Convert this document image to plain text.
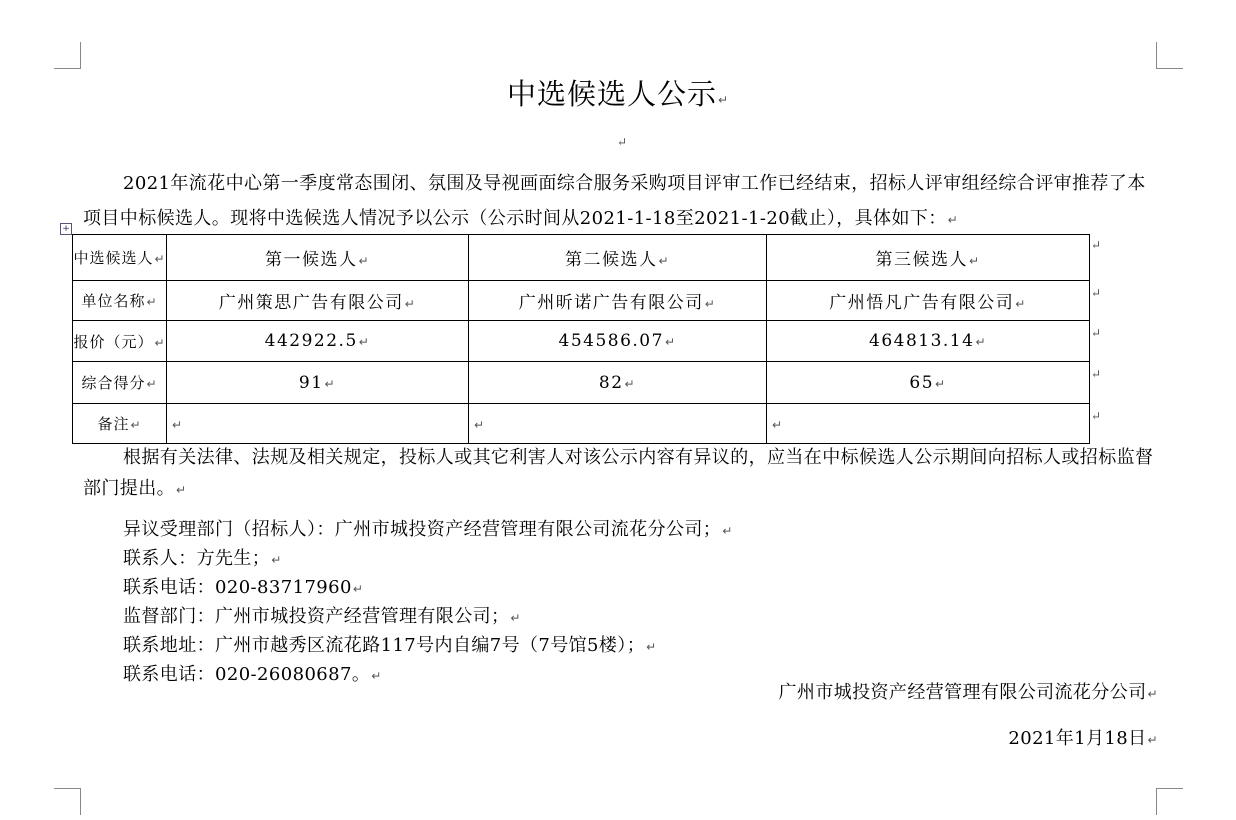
中选候选人公示↵
↵
2021年流花中心第一季度常态围闭、氛围及导视画面综合服务采购项目评审工作已经结束，招标人评审组经综合评审推荐了本项目中标候选人。现将中选候选人情况予以公示（公示时间从2021-1-18至2021-1-20截止），具体如下：↵
+
中选候选人↵	第一候选人↵	第二候选人↵	第三候选人↵
单位名称↵	广州策思广告有限公司↵	广州昕诺广告有限公司↵	广州悟凡广告有限公司↵
报价（元）↵	442922.5↵	454586.07↵	464813.14↵
综合得分↵	91↵	82↵	65↵
备注↵	↵	↵	↵
↵
↵
↵
↵
↵

根据有关法律、法规及相关规定，投标人或其它利害人对该公示内容有异议的，应当在中标候选人公示期间向招标人或招标监督部门提出。↵

异议受理部门（招标人）：广州市城投资产经营管理有限公司流花分公司；↵

联系人：方先生；↵

联系电话：020-83717960↵

监督部门：广州市城投资产经营管理有限公司；↵

联系地址：广州市越秀区流花路117号内自编7号（7号馆5楼）；↵

联系电话：020-26080687。↵

广州市城投资产经营管理有限公司流花分公司↵
2021年1月18日↵
